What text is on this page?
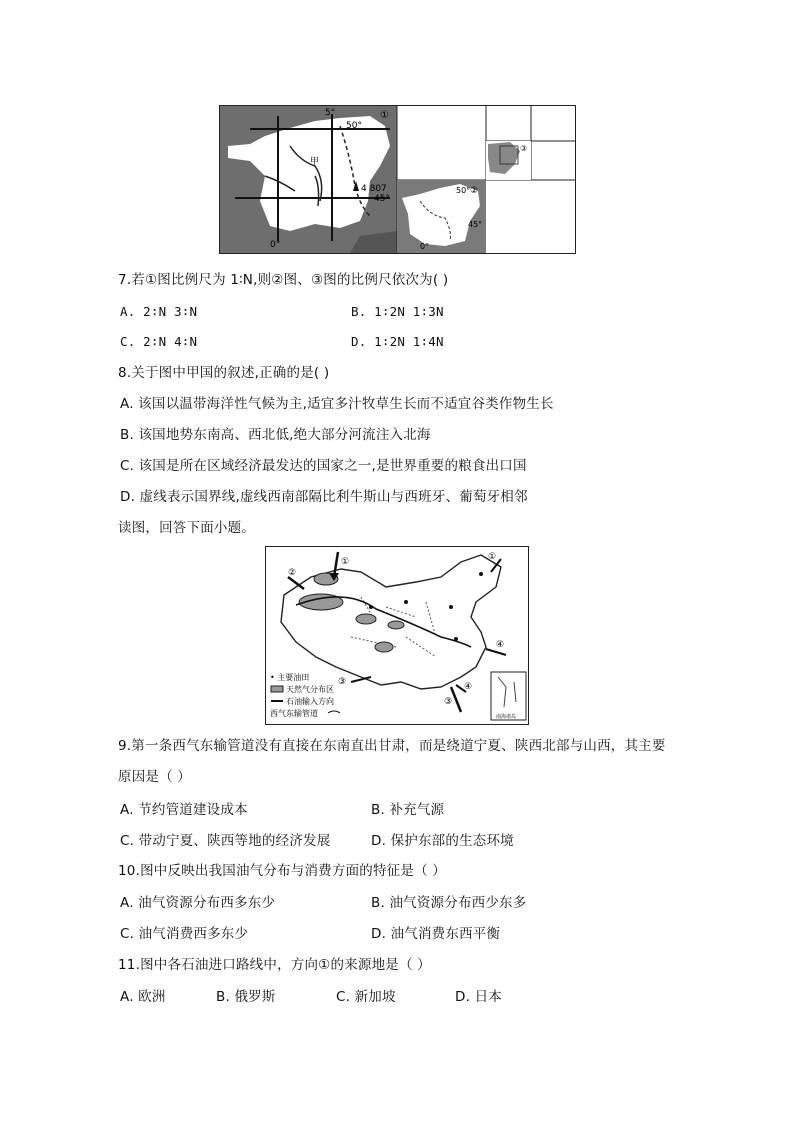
5°
50°
①
甲
4 807
45°
0°
50° ②
45°
0°
③
7.若①图比例尺为 1∶N,则②图、③图的比例尺依次为( )
A. 2∶N 3∶N	B. 1∶2N 1∶3N
C. 2∶N 4∶N	D. 1∶2N 1∶4N
8.关于图中甲国的叙述,正确的是( )
A. 该国以温带海洋性气候为主,适宜多汁牧草生长而不适宜谷类作物生长
B. 该国地势东南高、西北低,绝大部分河流注入北海
C. 该国是所在区域经济最发达的国家之一,是世界重要的粮食出口国
D. 虚线表示国界线,虚线西南部隔比利牛斯山与西班牙、葡萄牙相邻
读图，回答下面小题。
①	①
②
③
③
④
④
南海诸岛
• 主要油田
天然气分布区
石油输入方向
西气东输管道
9.第一条西气东输管道没有直接在东南直出甘肃，而是绕道宁夏、陕西北部与山西，其主要
原因是（ ）
A. 节约管道建设成本	B. 补充气源
C. 带动宁夏、陕西等地的经济发展	D. 保护东部的生态环境
10.图中反映出我国油气分布与消费方面的特征是（ ）
A. 油气资源分布西多东少	B. 油气资源分布西少东多
C. 油气消费西多东少	D. 油气消费东西平衡
11.图中各石油进口路线中，方向①的来源地是（ ）
A. 欧洲	B. 俄罗斯	C. 新加坡	D. 日本
